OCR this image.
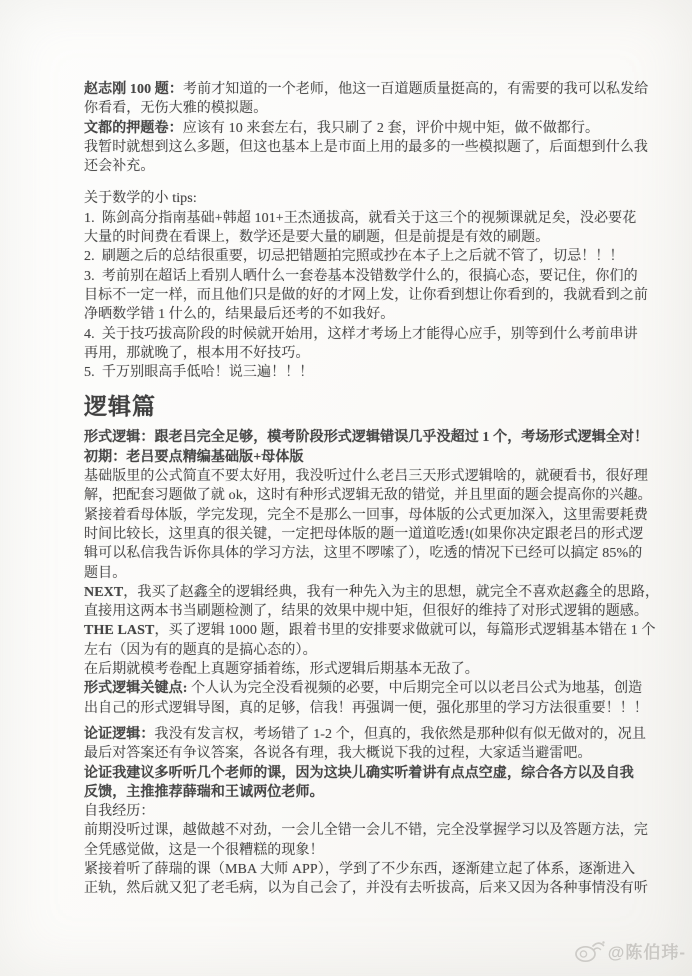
赵志刚 100 题：考前才知道的一个老师，他这一百道题质量挺高的，有需要的我可以私发给

你看看，无伤大雅的模拟题。

文都的押题卷：应该有 10 来套左右，我只刷了 2 套，评价中规中矩，做不做都行。

我暂时就想到这么多题，但这也基本上是市面上用的最多的一些模拟题了，后面想到什么我

还会补充。

关于数学的小 tips:

1.  陈剑高分指南基础+韩超 101+王杰通拔高，就看关于这三个的视频课就足矣，没必要花

大量的时间费在看课上，数学还是要大量的刷题，但是前提是有效的刷题。

2.  刷题之后的总结很重要，切忌把错题拍完照或抄在本子上之后就不管了，切忌！！！

3.  考前别在超话上看别人晒什么一套卷基本没错数学什么的，很搞心态，要记住，你们的

目标不一定一样，而且他们只是做的好的才网上发，让你看到想让你看到的，我就看到之前

净晒数学错 1 什么的，结果最后还考的不如我好。

4.  关于技巧拔高阶段的时候就开始用，这样才考场上才能得心应手，别等到什么考前串讲

再用，那就晚了，根本用不好技巧。

5.  千万别眼高手低哈！说三遍！！！

逻辑篇

形式逻辑：跟老吕完全足够，模考阶段形式逻辑错误几乎没超过 1 个，考场形式逻辑全对！

初期：老吕要点精编基础版+母体版

基础版里的公式简直不要太好用，我没听过什么老吕三天形式逻辑啥的，就硬看书，很好理

解，把配套习题做了就 ok，这时有种形式逻辑无敌的错觉，并且里面的题会提高你的兴趣。

紧接着看母体版，学完发现，完全不是那么一回事，母体版的公式更加深入，这里需要耗费

时间比较长，这里真的很关键，一定把母体版的题一道道吃透!(如果你决定跟老吕的形式逻

辑可以私信我告诉你具体的学习方法，这里不啰嗦了），吃透的情况下已经可以搞定 85%的

题目。

NEXT，我买了赵鑫全的逻辑经典，我有一种先入为主的思想，就完全不喜欢赵鑫全的思路，

直接用这两本书当刷题检测了，结果的效果中规中矩，但很好的维持了对形式逻辑的题感。

THE LAST，买了逻辑 1000 题，跟着书里的安排要求做就可以，每篇形式逻辑基本错在 1 个

左右（因为有的题真的是搞心态的）。

在后期就模考卷配上真题穿插着练，形式逻辑后期基本无敌了。

形式逻辑关键点: 个人认为完全没看视频的必要，中后期完全可以以老吕公式为地基，创造

出自己的形式逻辑导图，真的足够，信我！再强调一便，强化那里的学习方法很重要！！！

论证逻辑：我没有发言权，考场错了 1-2 个，但真的，我依然是那种似有似无做对的，况且

最后对答案还有争议答案，各说各有理，我大概说下我的过程，大家适当避雷吧。

论证我建议多听听几个老师的课，因为这块儿确实听着讲有点点空虚，综合各方以及自我

反馈，主推推荐薛瑞和王诚两位老师。

自我经历：

前期没听过课，越做越不对劲，一会儿全错一会儿不错，完全没掌握学习以及答题方法，完

全凭感觉做，这是一个很糟糕的现象！

紧接着听了薛瑞的课（MBA 大师 APP），学到了不少东西，逐渐建立起了体系，逐渐进入

正轨，然后就又犯了老毛病，以为自己会了，并没有去听拔高，后来又因为各种事情没有听

@陈伯玮-
